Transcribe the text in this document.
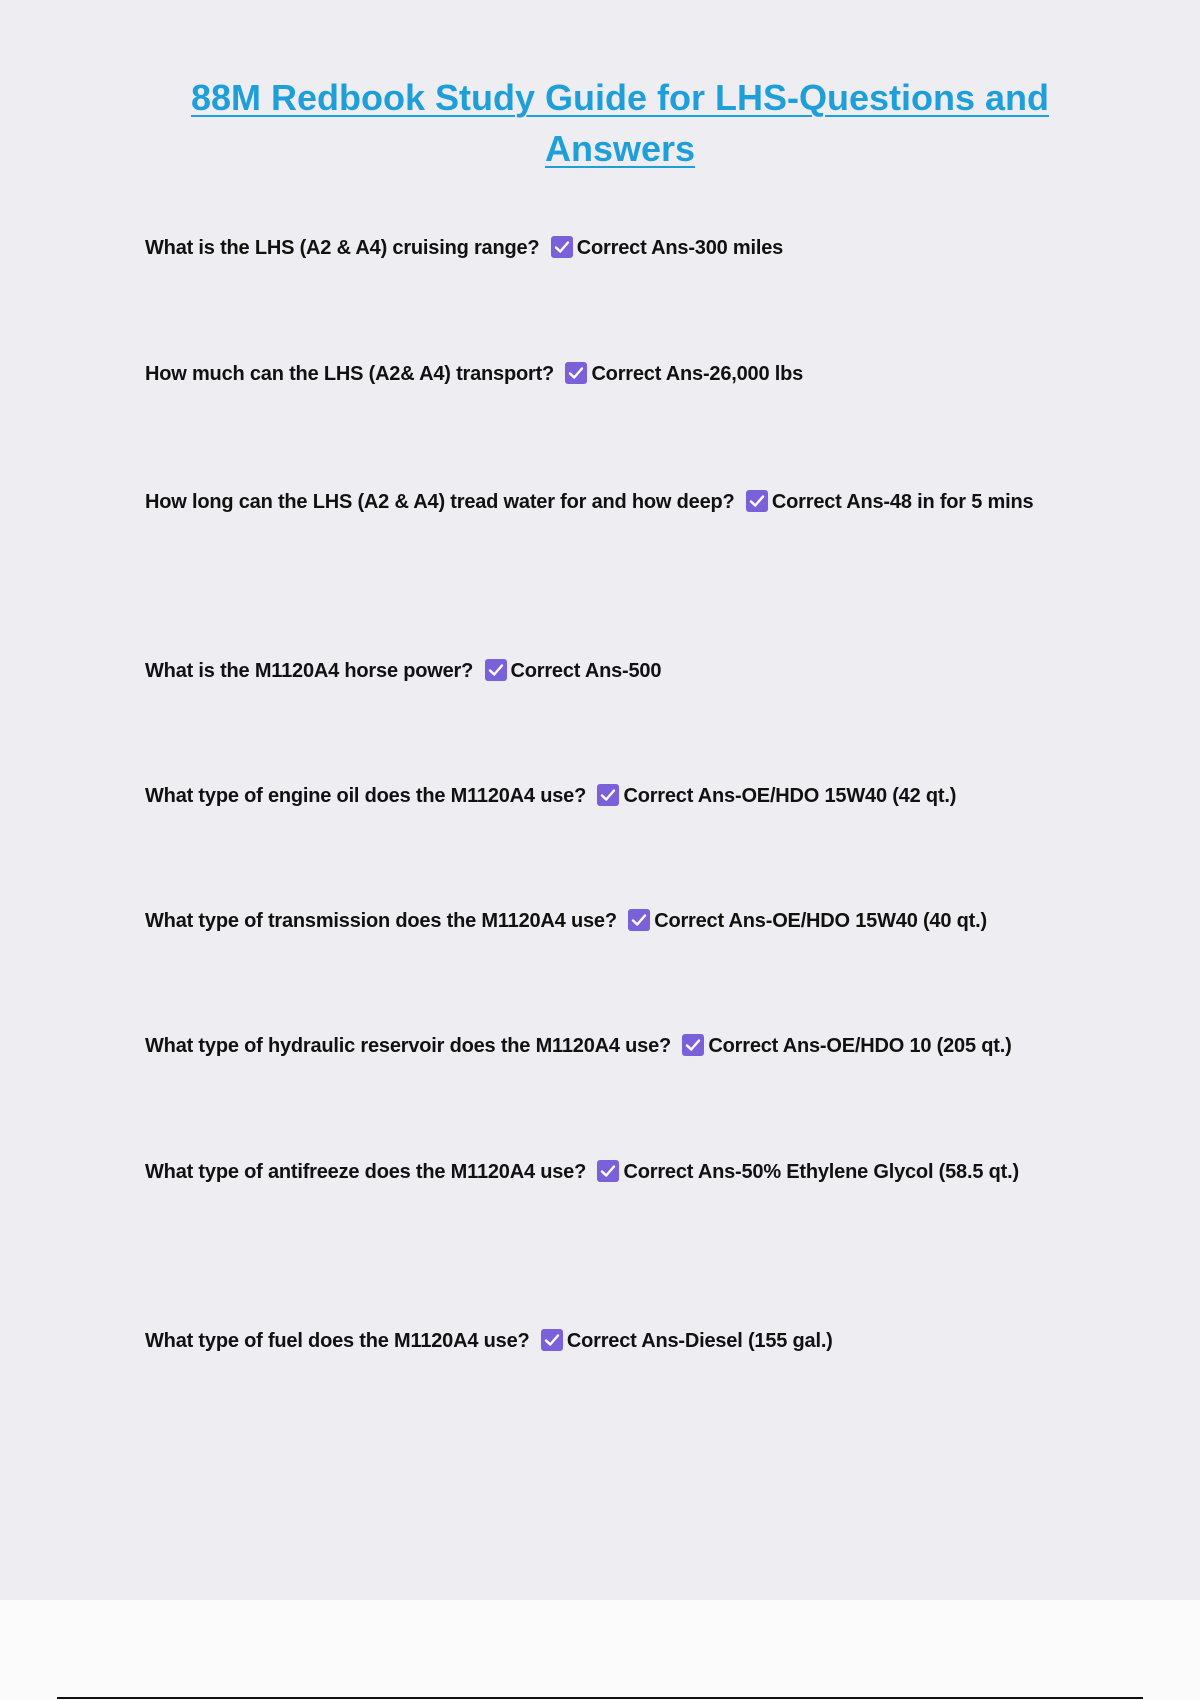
88M Redbook Study Guide for LHS-Questions and Answers
What is the LHS (A2 & A4) cruising range? Correct Ans-300 miles
How much can the LHS (A2& A4) transport? Correct Ans-26,000 lbs
How long can the LHS (A2 & A4) tread water for and how deep? Correct Ans-48 in for 5 mins
What is the M1120A4 horse power? Correct Ans-500
What type of engine oil does the M1120A4 use? Correct Ans-OE/HDO 15W40 (42 qt.)
What type of transmission does the M1120A4 use? Correct Ans-OE/HDO 15W40 (40 qt.)
What type of hydraulic reservoir does the M1120A4 use? Correct Ans-OE/HDO 10 (205 qt.)
What type of antifreeze does the M1120A4 use? Correct Ans-50% Ethylene Glycol (58.5 qt.)
What type of fuel does the M1120A4 use? Correct Ans-Diesel (155 gal.)
